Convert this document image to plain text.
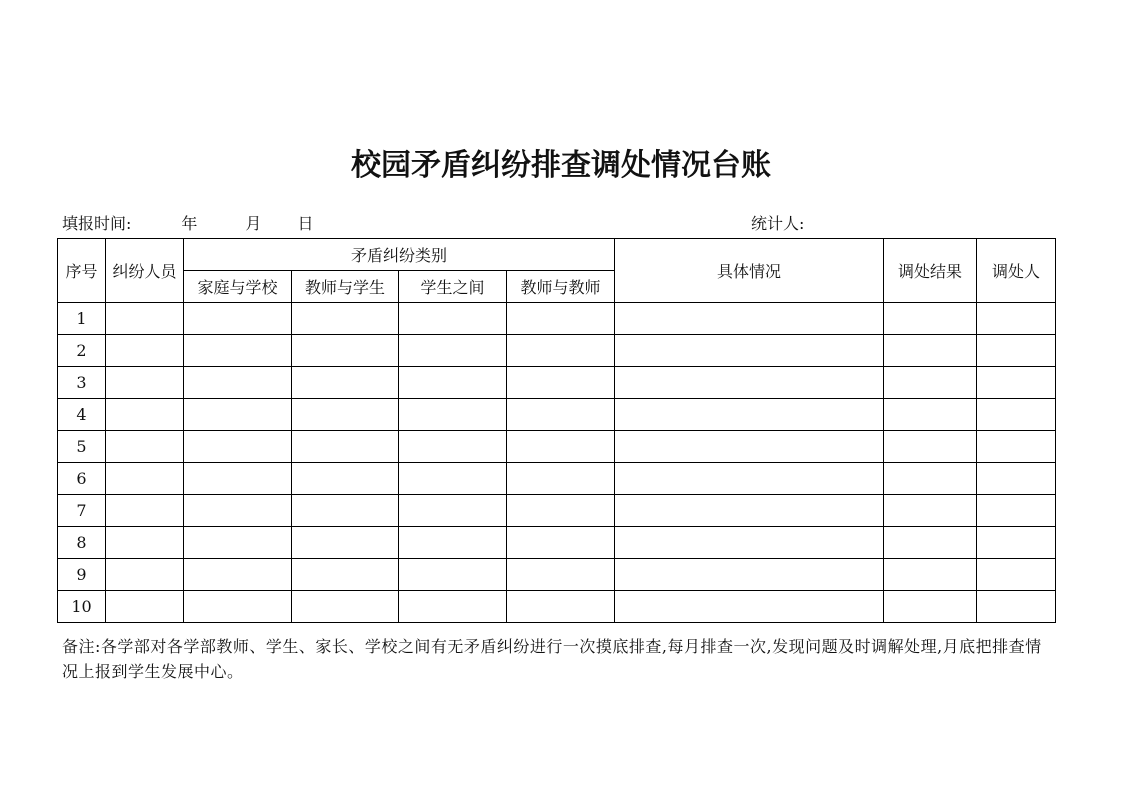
校园矛盾纠纷排查调处情况台账
填报时间:	年	月 日	统计人:
序号	纠纷人员	矛盾纠纷类别				具体情况	调处结果	调处人
		家庭与学校	教师与学生	学生之间	教师与教师			
1								
2								
3								
4								
5								
6								
7								
8								
9								
10								
备注:各学部对各学部教师、学生、家长、学校之间有无矛盾纠纷进行一次摸底排查,每月排查一次,发现问题及时调解处理,月底把排查情况上报到学生发展中心。
